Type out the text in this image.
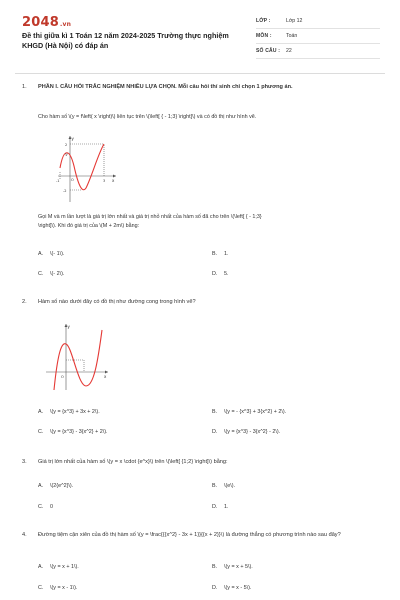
2048.vn
Đề thi giữa kì 1 Toán 12 năm 2024-2025 Trường thực nghiệm KHGD (Hà Nội) có đáp án
LỚP :	Lớp 12
MÔN :	Toán
SỐ CÂU :	22
1.	PHẦN I. CÂU HỎI TRẮC NGHIỆM NHIỀU LỰA CHỌN. Mỗi câu hỏi thí sinh chỉ chọn 1 phương án.
Cho hàm số \(y = f\left( x \right)\) liên tục trên \(\left[ { - 1;3} \right]\) và có đồ thị như hình vẽ.
y
x
O
-1
-2
3
2
1
Gọi M và m lần lượt là giá trị lớn nhất và giá trị nhỏ nhất của hàm số đã cho trên \(\left[ { - 1;3}
\right]\). Khi đó giá trị của \(M + 2m\) bằng:
A. \(- 1\).	B. 1.
C. \(- 2\).	D. 5.
2.	Hàm số nào dưới đây có đồ thị như đường cong trong hình vẽ?
y
x
O
A. \(y = {x^3} + 3x + 2\).	B. \(y = - {x^3} + 3{x^2} + 2\).
C. \(y = {x^3} - 3{x^2} + 2\).	D. \(y = {x^3} - 3{x^2} - 2\).
3.	Giá trị lớn nhất của hàm số \(y = x \cdot {e^x}\) trên \(\left[ {1;2} \right]\) bằng:
A. \(2{e^2}\).	B. \(e\).
C. 0	D. 1.
4.	Đường tiệm cận xiên của đồ thị hàm số \(y = \frac{{{x^2} - 3x + 1}}{{x + 2}}\) là đường thẳng có phương trình nào sau đây?
A. \(y = x + 1\).	B. \(y = x + 5\).
C. \(y = x - 1\).	D. \(y = x - 5\).
